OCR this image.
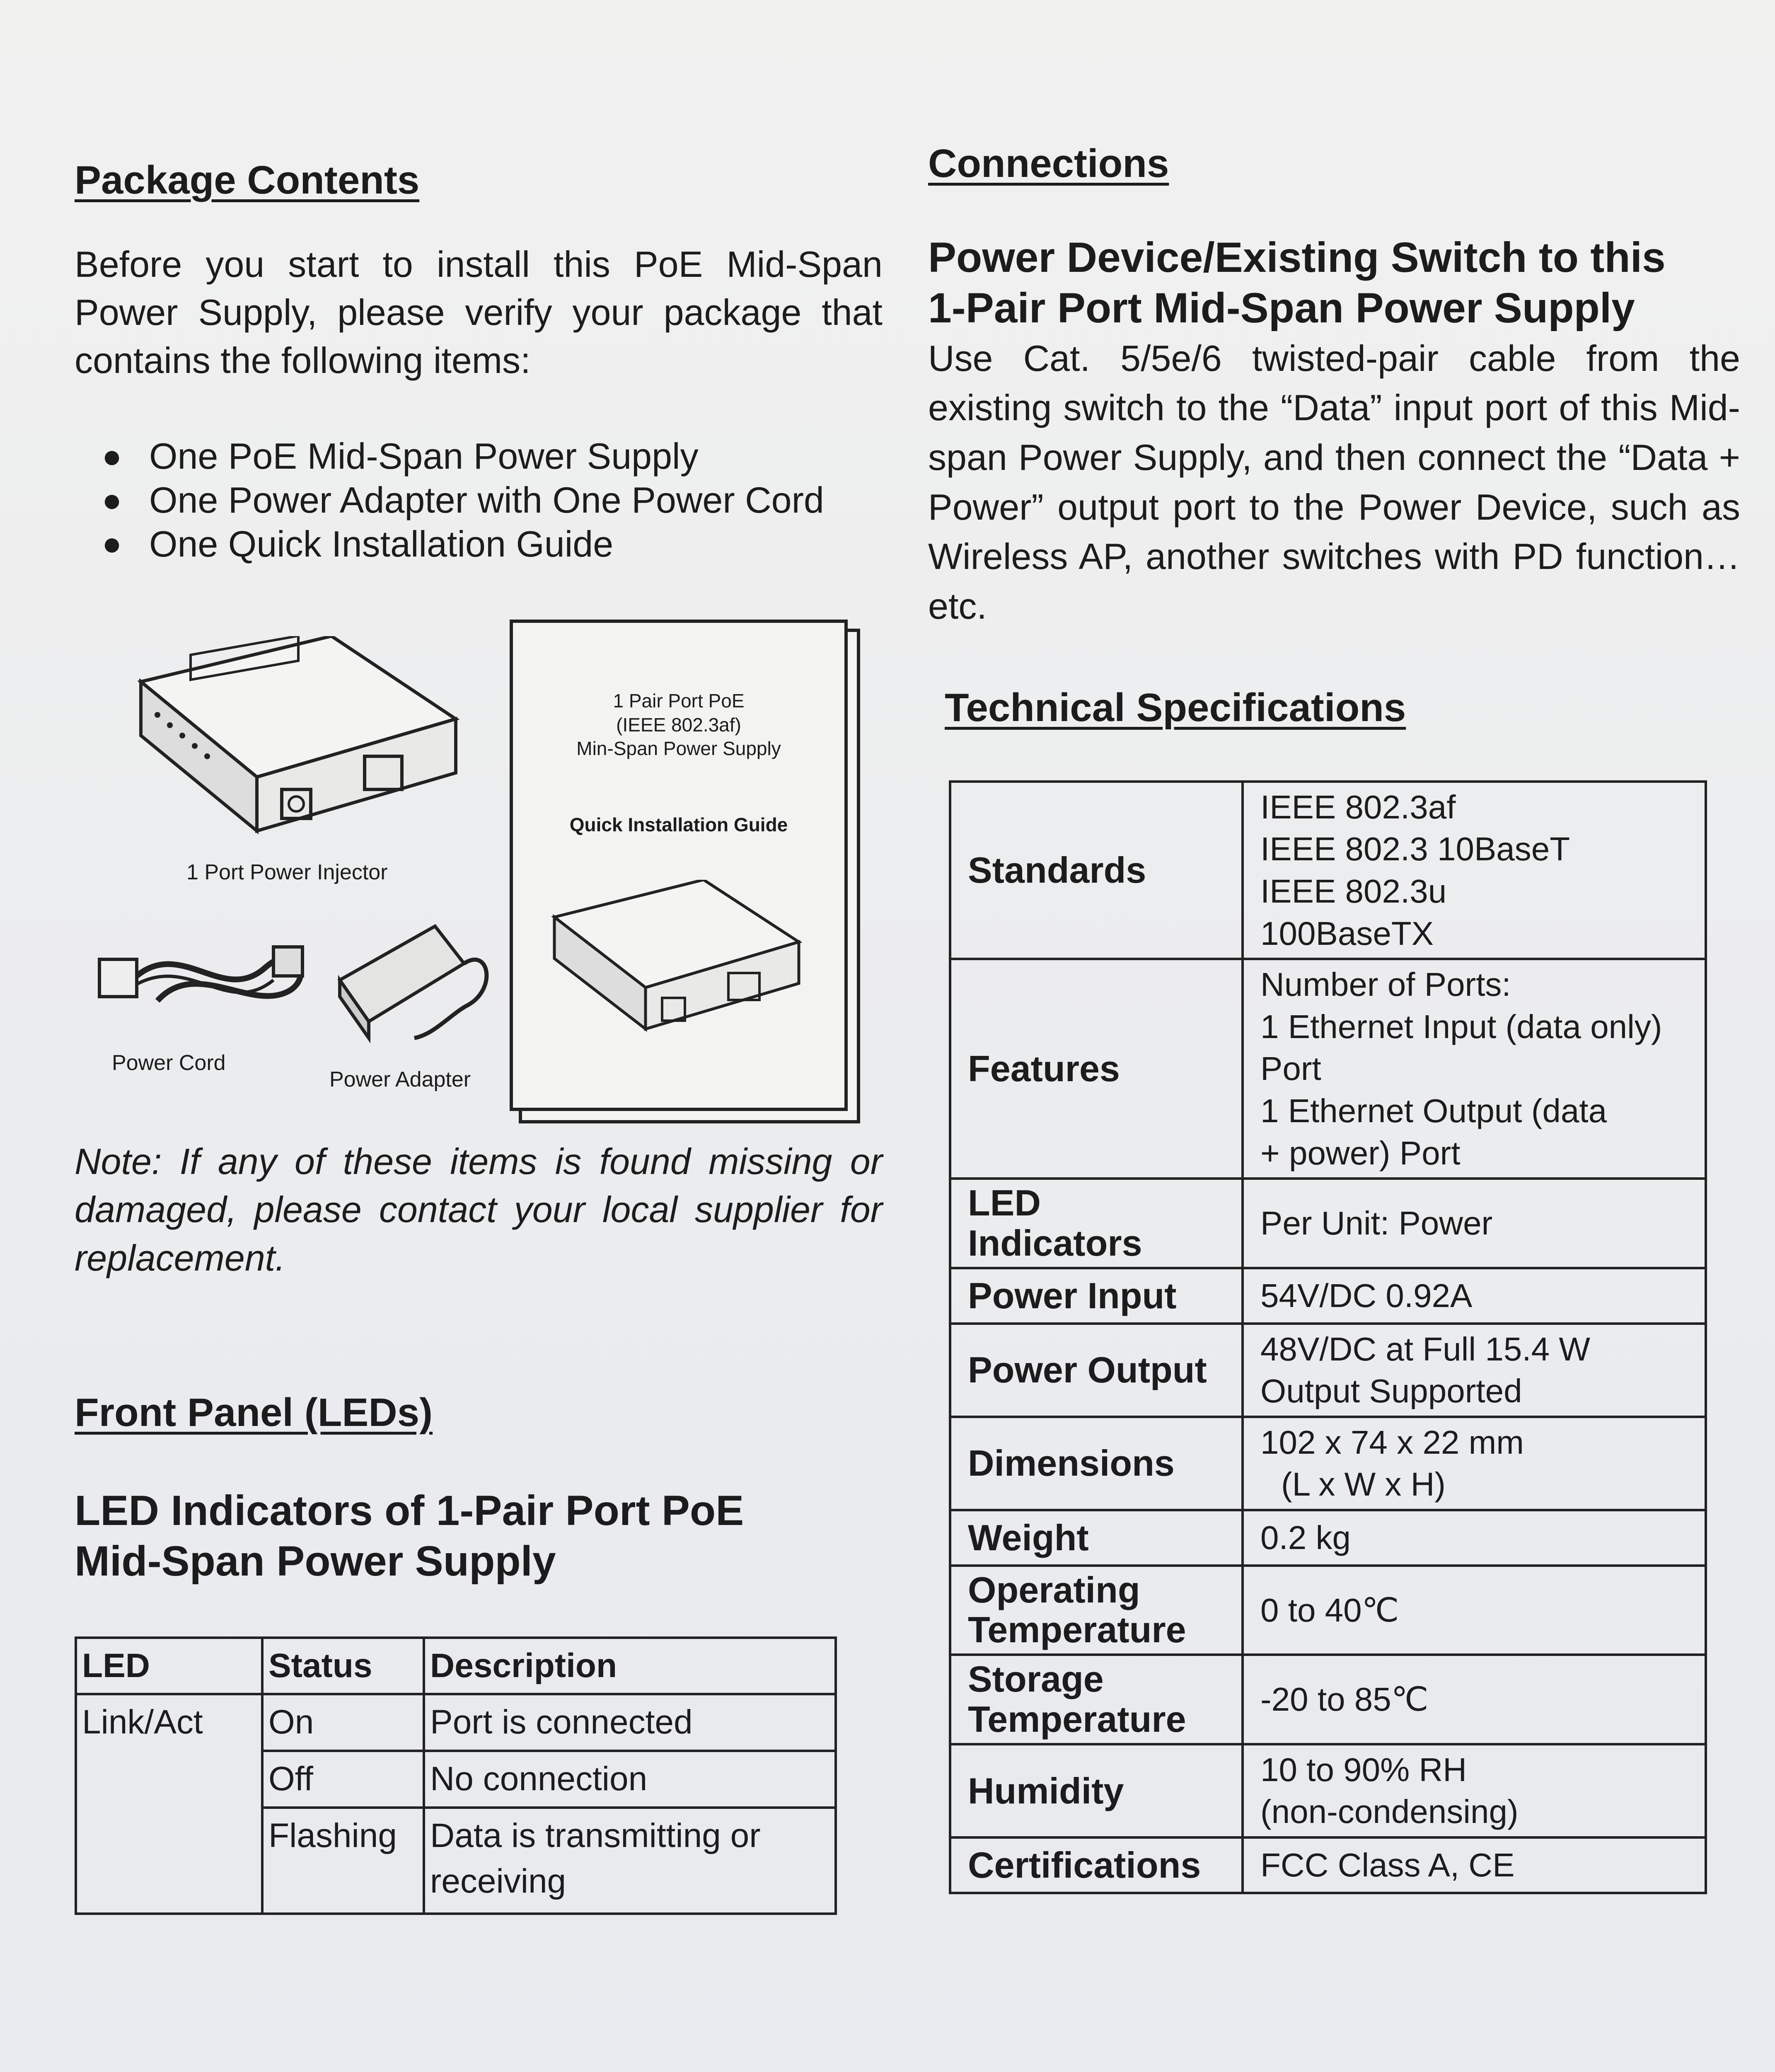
Package Contents

Before you start to install this PoE Mid-Span Power Supply, please verify your package that contains the following items:

● One PoE Mid-Span Power Supply
● One Power Adapter with One Power Cord
● One Quick Installation Guide
1 Port Power Injector
Power Cord
Power Adapter
1 Pair Port PoE
(IEEE 802.3af)
Min-Span Power Supply
Quick Installation Guide

Note: If any of these items is found missing or damaged, please contact your local supplier for replacement.

Front Panel (LEDs)
LED Indicators of 1-Pair Port PoE
Mid-Span Power Supply
LED	Status	Description
Link/Act	On	Port is connected
	Off	No connection
	Flashing	Data is transmitting or receiving
Connections
Power Device/Existing Switch to this
1-Pair Port Mid-Span Power Supply

Use Cat. 5/5e/6 twisted-pair cable from the existing switch to the “Data” input port of this Mid-span Power Supply, and then connect the “Data + Power” output port to the Power Device, such as Wireless AP, another switches with PD function…etc.

Technical Specifications
Standards	IEEE 802.3af
IEEE 802.3 10BaseT
IEEE 802.3u
100BaseTX

Features	Number of Ports:
1 Ethernet Input (data only)
Port
1 Ethernet Output (data
+ power) Port

LED Indicators	Per Unit: Power
Power Input	54V/DC 0.92A
Power Output	48V/DC at Full 15.4 W
Output Supported

Dimensions	102 x 74 x 22 mm
(L x W x H)

Weight	0.2 kg
Operating Temperature	0 to 40℃
Storage Temperature	-20 to 85℃
Humidity	10 to 90% RH
(non-condensing)

Certifications	FCC Class A, CE
